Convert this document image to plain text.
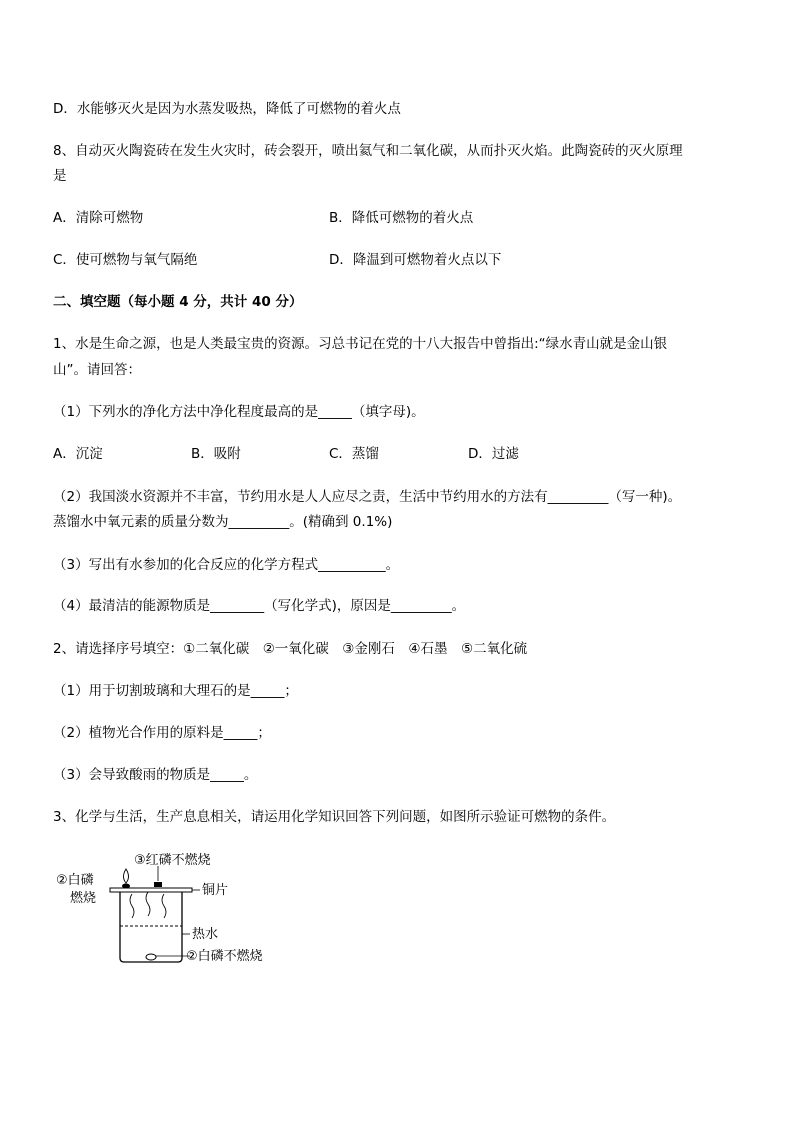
D．水能够灭火是因为水蒸发吸热，降低了可燃物的着火点
8、自动灭火陶瓷砖在发生火灾时，砖会裂开，喷出氦气和二氧化碳，从而扑灭火焰。此陶瓷砖的灭火原理
是
A．清除可燃物	B．降低可燃物的着火点
C．使可燃物与氧气隔绝	D．降温到可燃物着火点以下
二、填空题（每小题 4 分，共计 40 分）
1、水是生命之源，也是人类最宝贵的资源。习总书记在党的十八大报告中曾指出:“绿水青山就是金山银
山”。请回答：
（1）下列水的净化方法中净化程度最高的是_____（填字母)。
A．沉淀	B．吸附	C．蒸馏	D．过滤
（2）我国淡水资源并不丰富，节约用水是人人应尽之责，生活中节约用水的方法有_________（写一种)。
蒸馏水中氧元素的质量分数为_________。(精确到 0.1%)
（3）写出有水参加的化合反应的化学方程式__________。
（4）最清洁的能源物质是________（写化学式)，原因是_________。
2、请选择序号填空：①二氧化碳　②一氧化碳　③金刚石　④石墨　⑤二氧化硫
（1）用于切割玻璃和大理石的是_____；
（2）植物光合作用的原料是_____；
（3）会导致酸雨的物质是_____。
3、化学与生活，生产息息相关，请运用化学知识回答下列问题，如图所示验证可燃物的条件。
③红磷不燃烧
②白磷
燃烧
铜片
热水
②白磷不燃烧
